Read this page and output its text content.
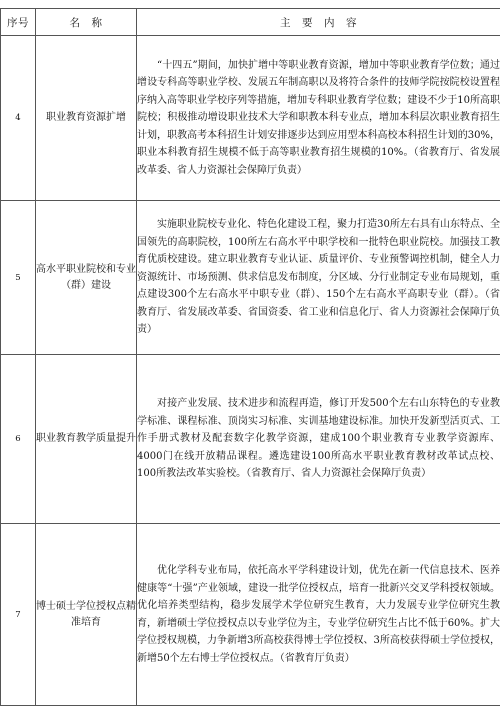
序号	名　称	主　要　内　容
4	职业教育资源扩增	“十四五”期间，加快扩增中等职业教育资源，增加中等职业教育学位数；通过增设专科高等职业学校、发展五年制高职以及将符合条件的技师学院按院校设置程序纳入高等职业学校序列等措施，增加专科职业教育学位数；建设不少于10所高职院校；积极推动增设职业技术大学和职教本科专业点，增加本科层次职业教育招生计划，职教高考本科招生计划安排逐步达到应用型本科高校本科招生计划的30%，职业本科教育招生规模不低于高等职业教育招生规模的10%。（省教育厅、省发展改革委、省人力资源社会保障厅负责）

5	高水平职业院校和专业（群）建设	实施职业院校专业化、特色化建设工程，聚力打造30所左右具有山东特点、全国领先的高职院校，100所左右高水平中职学校和一批特色职业院校。加强技工教育优质校建设。建立职业教育专业认证、质量评价、专业预警调控机制，健全人力资源统计、市场预测、供求信息发布制度，分区域、分行业制定专业布局规划，重点建设300个左右高水平中职专业（群）、150个左右高水平高职专业（群）。（省教育厅、省发展改革委、省国资委、省工业和信息化厅、省人力资源社会保障厅负责）

6	职业教育教学质量提升	对接产业发展、技术进步和流程再造，修订开发500个左右山东特色的专业教学标准、课程标准、顶岗实习标准、实训基地建设标准。加快开发新型活页式、工作手册式教材及配套数字化教学资源，建成100个职业教育专业教学资源库、4000门在线开放精品课程。遴选建设100所高水平职业教育教材改革试点校、100所教法改革实验校。（省教育厅、省人力资源社会保障厅负责）

7	博士硕士学位授权点精准培育	优化学科专业布局，依托高水平学科建设计划，优先在新一代信息技术、医养健康等“十强”产业领域，建设一批学位授权点，培育一批新兴交叉学科授权领域。优化培养类型结构，稳步发展学术学位研究生教育，大力发展专业学位研究生教育，新增硕士学位授权点以专业学位为主，专业学位研究生占比不低于60%。扩大学位授权规模，力争新增3所高校获得博士学位授权、3所高校获得硕士学位授权，新增50个左右博士学位授权点。（省教育厅负责）
